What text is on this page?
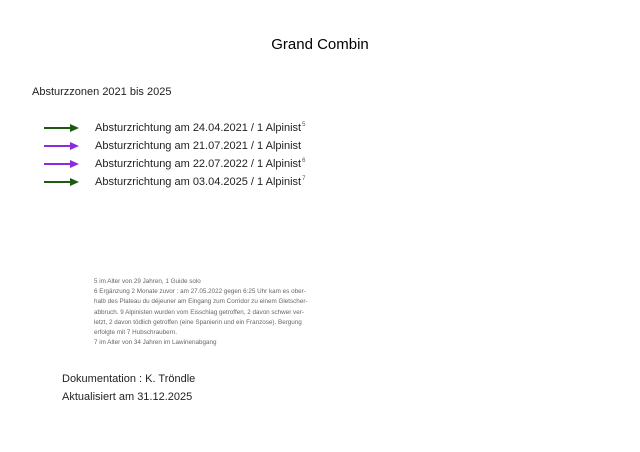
Grand Combin
Absturzzonen 2021 bis 2025
Absturzrichtung am 24.04.2021 / 1 Alpinist$^5$
Absturzrichtung am 21.07.2021 / 1 Alpinist
Absturzrichtung am 22.07.2022 / 1 Alpinist$^6$
Absturzrichtung am 03.04.2025 / 1 Alpinist$^7$
5 im Alter von 29 Jahren, 1 Guide solo
6 Ergänzung 2 Monate zuvor : am 27.05.2022 gegen 6:25 Uhr kam es ober-
halb des Plateau du déjeuner am Eingang zum Corridor zu einem Gletscher-
abbruch. 9 Alpinisten wurden vom Eisschlag getroffen, 2 davon schwer ver-
letzt, 2 davon tödlich getroffen (eine Spanierin und ein Franzose). Bergung
erfolgte mit 7 Hubschraubern.
7 im Alter von 34 Jahren im Lawinenabgang
Dokumentation : K. Tröndle
Aktualisiert am 31.12.2025
